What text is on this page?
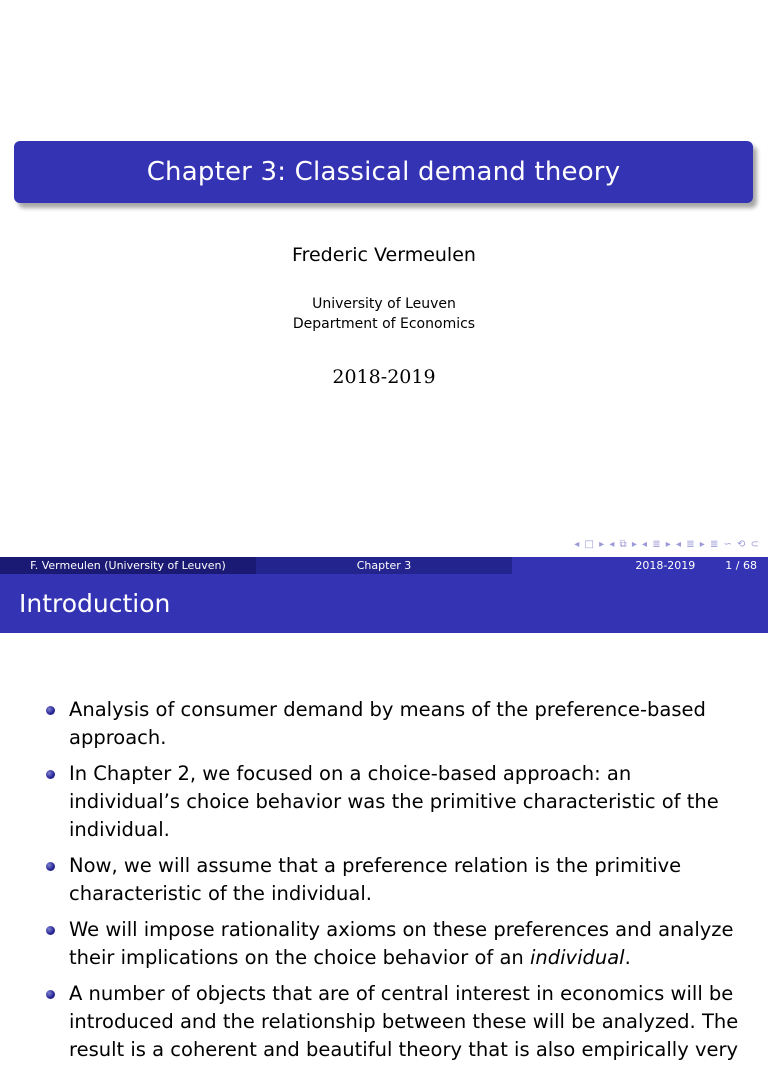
Chapter 3: Classical demand theory
Frederic Vermeulen
University of Leuven
Department of Economics
2018-2019
◂ □ ▸ ◂ ⧉ ▸ ◂ ≣ ▸ ◂ ≣ ▸ ≣ ∽ ⟲ ⊂
F. Vermeulen (University of Leuven)	Chapter 3	2018-2019	1 / 68
Introduction
Analysis of consumer demand by means of the preference-based approach.
In Chapter 2, we focused on a choice-based approach: an individual’s choice behavior was the primitive characteristic of the individual.
Now, we will assume that a preference relation is the primitive characteristic of the individual.
We will impose rationality axioms on these preferences and analyze their implications on the choice behavior of an individual.
A number of objects that are of central interest in economics will be introduced and the relationship between these will be analyzed. The result is a coherent and beautiful theory that is also empirically very
